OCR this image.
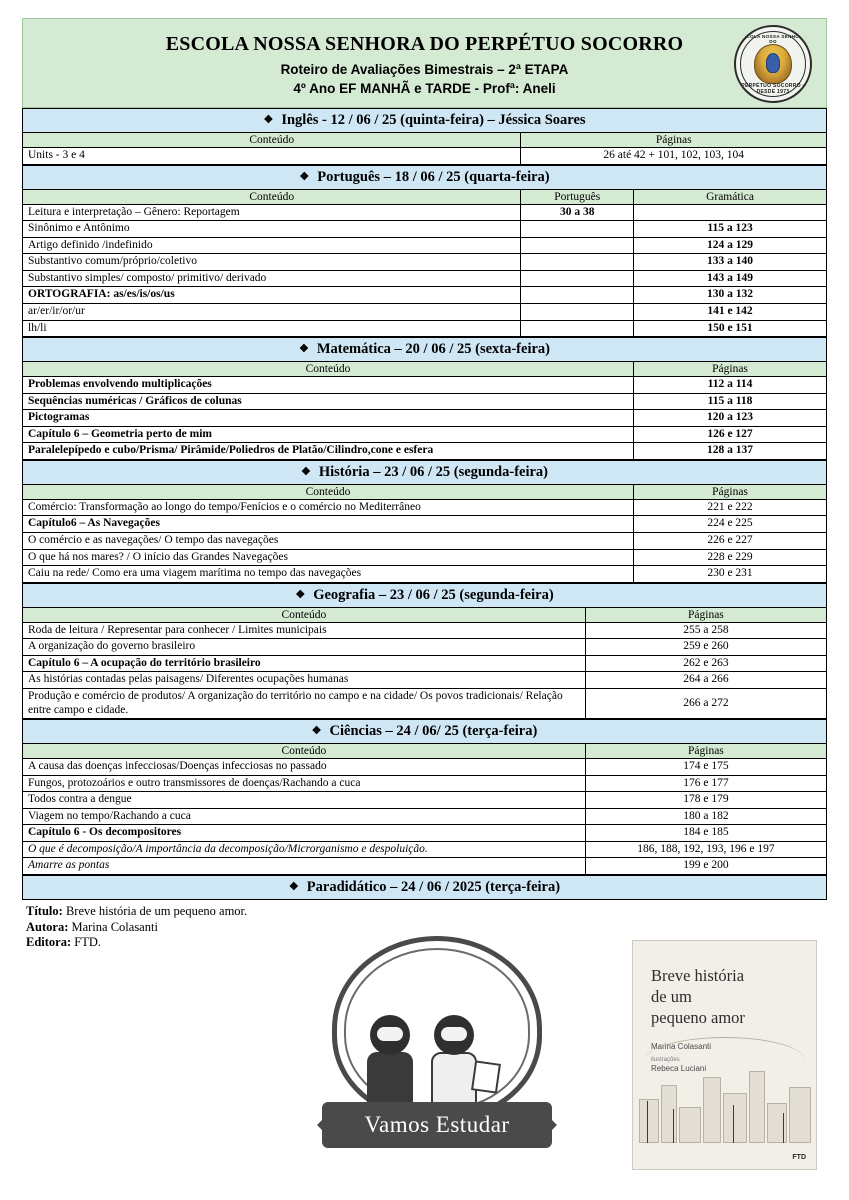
ESCOLA NOSSA SENHORA DO PERPÉTUO SOCORRO
Roteiro de Avaliações Bimestrais – 2ª ETAPA
4º Ano EF MANHÃ e TARDE - Profª: Aneli
ESCOLA NOSSA SENHORA DO
PERPÉTUO SOCORRO • DESDE 1973
❖ Inglês - 12 / 06 / 25 (quinta-feira) – Jéssica Soares	
Conteúdo	Páginas
Units - 3 e 4	26 até 42 + 101, 102, 103, 104
❖ Português – 18 / 06 / 25 (quarta-feira)		
Conteúdo	Português	Gramática
Leitura e interpretação – Gênero: Reportagem	30 a 38	
Sinônimo e Antônimo		115 a 123
Artigo definido /indefinido		124 a 129
Substantivo comum/próprio/coletivo		133 a 140
Substantivo simples/ composto/ primitivo/ derivado		143 a 149
ORTOGRAFIA: as/es/is/os/us		130 a 132
ar/er/ir/or/ur		141 e 142
lh/li		150 e 151
❖ Matemática – 20 / 06 / 25 (sexta-feira)	
Conteúdo	Páginas
Problemas envolvendo multiplicações	112 a 114
Sequências numéricas / Gráficos de colunas	115 a 118
Pictogramas	120 a 123
Capítulo 6 – Geometria perto de mim	126 e 127
Paralelepípedo e cubo/Prisma/ Pirâmide/Poliedros de Platão/Cilindro,cone e esfera	128 a 137
❖ História – 23 / 06 / 25 (segunda-feira)	
Conteúdo	Páginas
Comércio: Transformação ao longo do tempo/Fenícios e o comércio no Mediterrâneo	221 e 222
Capítulo6 – As Navegações	224 e 225
O comércio e as navegações/ O tempo das navegações	226 e 227
O que há nos mares? / O início das Grandes Navegações	228 e 229
Caiu na rede/ Como era uma viagem marítima no tempo das navegações	230 e 231
❖ Geografia – 23 / 06 / 25 (segunda-feira)	
Conteúdo	Páginas
Roda de leitura / Representar para conhecer / Limites municipais	255 a 258
A organização do governo brasileiro	259 e 260
Capítulo 6 – A ocupação do território brasileiro	262 e 263
As histórias contadas pelas paisagens/ Diferentes ocupações humanas	264 a 266
Produção e comércio de produtos/ A organização do território no campo e na cidade/ Os povos tradicionais/ Relação entre campo e cidade.	266 a 272
❖ Ciências – 24 / 06/ 25 (terça-feira)	
Conteúdo	Páginas
A causa das doenças infecciosas/Doenças infecciosas no passado	174 e 175
Fungos, protozoários e outro transmissores de doenças/Rachando a cuca	176 e 177
Todos contra a dengue	178 e 179
Viagem no tempo/Rachando a cuca	180 a 182
Capítulo 6 - Os decompositores	184 e 185
O que é decomposição/A importância da decomposição/Microrganismo e despoluição.	186, 188, 192, 193, 196 e 197
Amarre as pontas	199 e 200
❖ Paradidático – 24 / 06 / 2025 (terça-feira)
Título: Breve história de um pequeno amor.
Autora: Marina Colasanti
Editora: FTD.
Vamos Estudar
Breve história
de um
pequeno amor
Marina Colasanti
ilustrações
Rebeca Luciani
FTD
